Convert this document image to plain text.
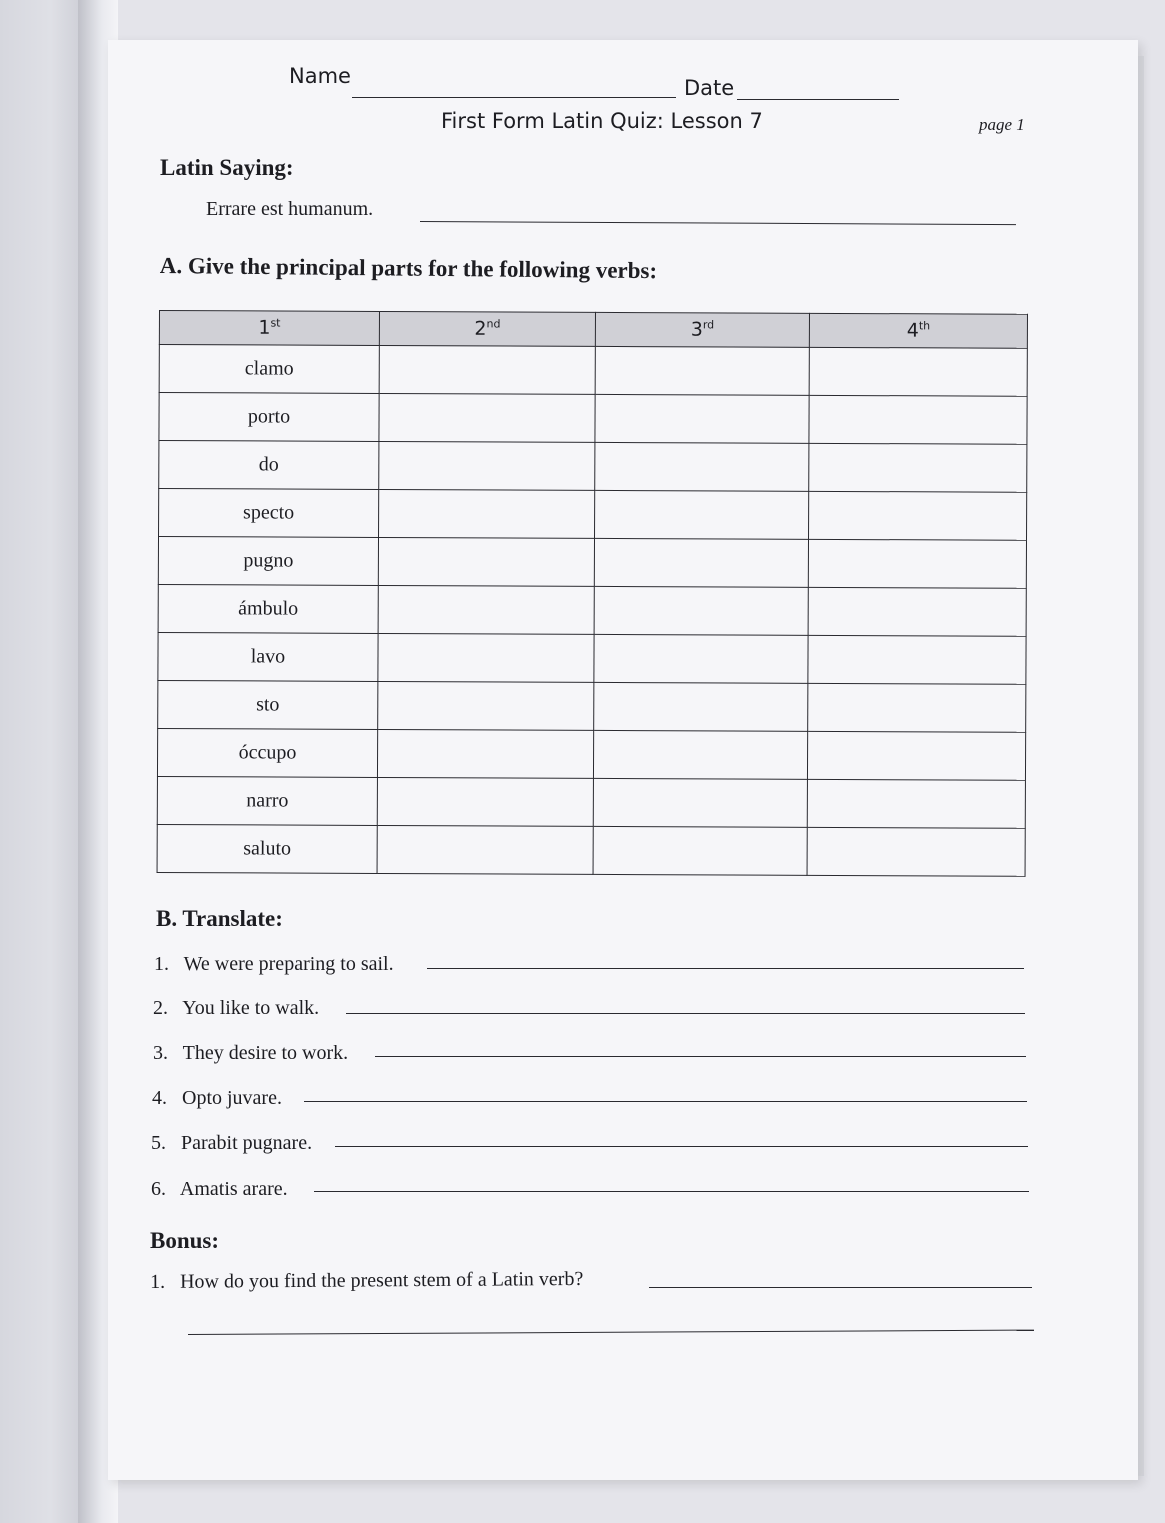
Name	Date
First Form Latin Quiz: Lesson 7	page 1
Latin Saying:
Errare est humanum.
A. Give the principal parts for the following verbs:
1st	2nd	3rd	4th
clamo			
porto			
do			
specto			
pugno			
ámbulo			
lavo			
sto			
óccupo			
narro			
saluto			
B. Translate:
1. We were preparing to sail.
2. You like to walk.
3. They desire to work.
4. Opto juvare.
5. Parabit pugnare.
6. Amatis arare.
Bonus:
1. How do you find the present stem of a Latin verb?
